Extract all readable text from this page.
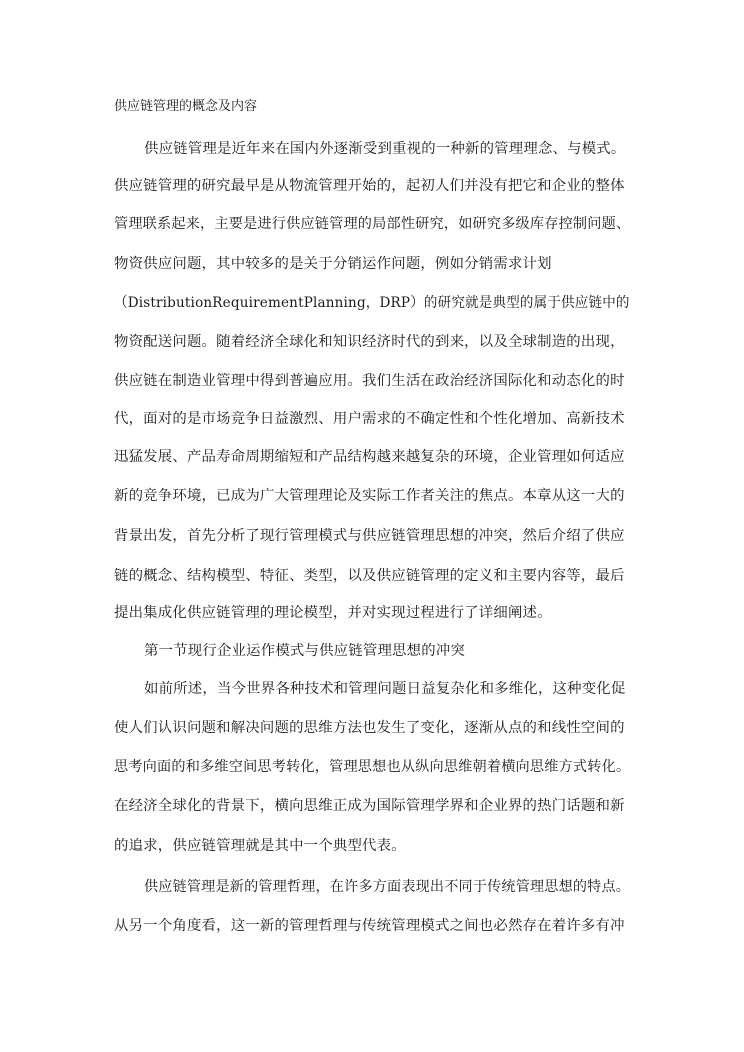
供应链管理的概念及内容
供应链管理是近年来在国内外逐渐受到重视的一种新的管理理念、与模式。
供应链管理的研究最早是从物流管理开始的，起初人们并没有把它和企业的整体
管理联系起来，主要是进行供应链管理的局部性研究，如研究多级库存控制问题、
物资供应问题，其中较多的是关于分销运作问题，例如分销需求计划
（DistributionRequirementPlanning，DRP）的研究就是典型的属于供应链中的
物资配送问题。随着经济全球化和知识经济时代的到来，以及全球制造的出现，
供应链在制造业管理中得到普遍应用。我们生活在政治经济国际化和动态化的时
代，面对的是市场竞争日益激烈、用户需求的不确定性和个性化增加、高新技术
迅猛发展、产品寿命周期缩短和产品结构越来越复杂的环境，企业管理如何适应
新的竞争环境，已成为广大管理理论及实际工作者关注的焦点。本章从这一大的
背景出发，首先分析了现行管理模式与供应链管理思想的冲突，然后介绍了供应
链的概念、结构模型、特征、类型，以及供应链管理的定义和主要内容等，最后
提出集成化供应链管理的理论模型，并对实现过程进行了详细阐述。
第一节现行企业运作模式与供应链管理思想的冲突
如前所述，当今世界各种技术和管理问题日益复杂化和多维化，这种变化促
使人们认识问题和解决问题的思维方法也发生了变化，逐渐从点的和线性空间的
思考向面的和多维空间思考转化，管理思想也从纵向思维朝着横向思维方式转化。
在经济全球化的背景下，横向思维正成为国际管理学界和企业界的热门话题和新
的追求，供应链管理就是其中一个典型代表。
供应链管理是新的管理哲理，在许多方面表现出不同于传统管理思想的特点。
从另一个角度看，这一新的管理哲理与传统管理模式之间也必然存在着许多有冲
